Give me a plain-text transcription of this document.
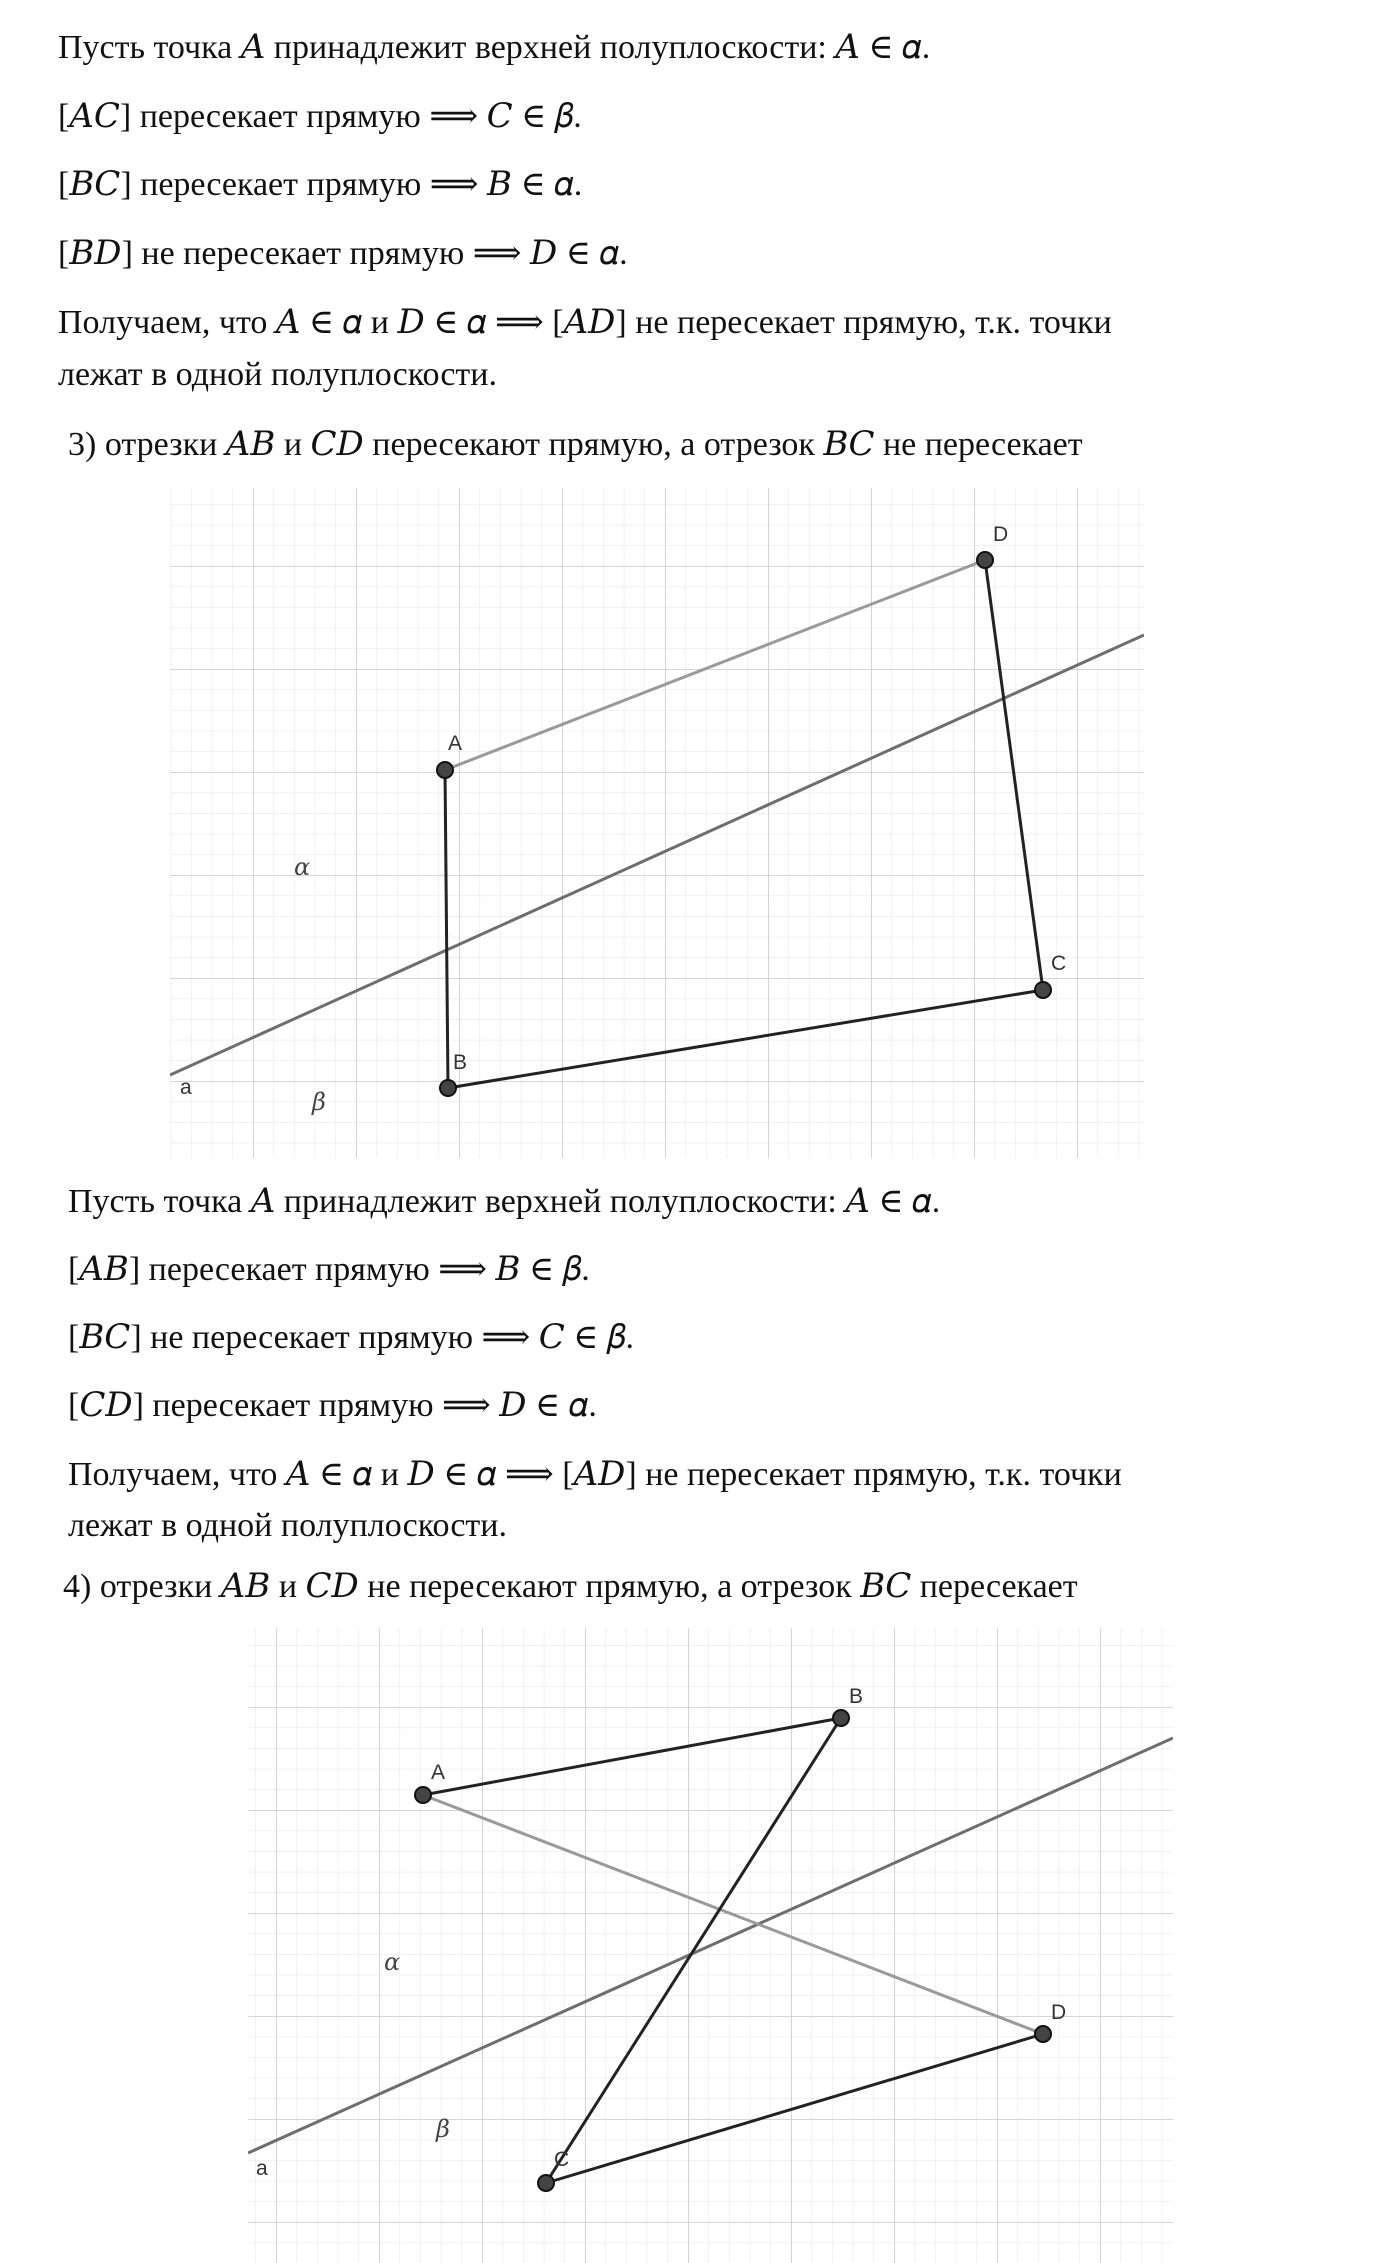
Пусть точка 𝐴 принадлежит верхней полуплоскости: 𝐴 ∈ 𝛼.
[𝐴𝐶] пересекает прямую ⟹ 𝐶 ∈ 𝛽.
[𝐵𝐶] пересекает прямую ⟹ 𝐵 ∈ 𝛼.
[𝐵𝐷] не пересекает прямую ⟹ 𝐷 ∈ 𝛼.
Получаем, что 𝐴 ∈ 𝛼 и 𝐷 ∈ 𝛼 ⟹ [𝐴𝐷] не пересекает прямую, т.к. точки
лежат в одной полуплоскости.
3) отрезки 𝐴𝐵 и 𝐶𝐷 пересекают прямую, а отрезок 𝐵𝐶 не пересекает
A
B
C
D
a
α
β
Пусть точка 𝐴 принадлежит верхней полуплоскости: 𝐴 ∈ 𝛼.
[𝐴𝐵] пересекает прямую ⟹ 𝐵 ∈ 𝛽.
[𝐵𝐶] не пересекает прямую ⟹ 𝐶 ∈ 𝛽.
[𝐶𝐷] пересекает прямую ⟹ 𝐷 ∈ 𝛼.
Получаем, что 𝐴 ∈ 𝛼 и 𝐷 ∈ 𝛼 ⟹ [𝐴𝐷] не пересекает прямую, т.к. точки
лежат в одной полуплоскости.
4) отрезки 𝐴𝐵 и 𝐶𝐷 не пересекают прямую, а отрезок 𝐵𝐶 пересекает
A
B
C
D
a
α
β
